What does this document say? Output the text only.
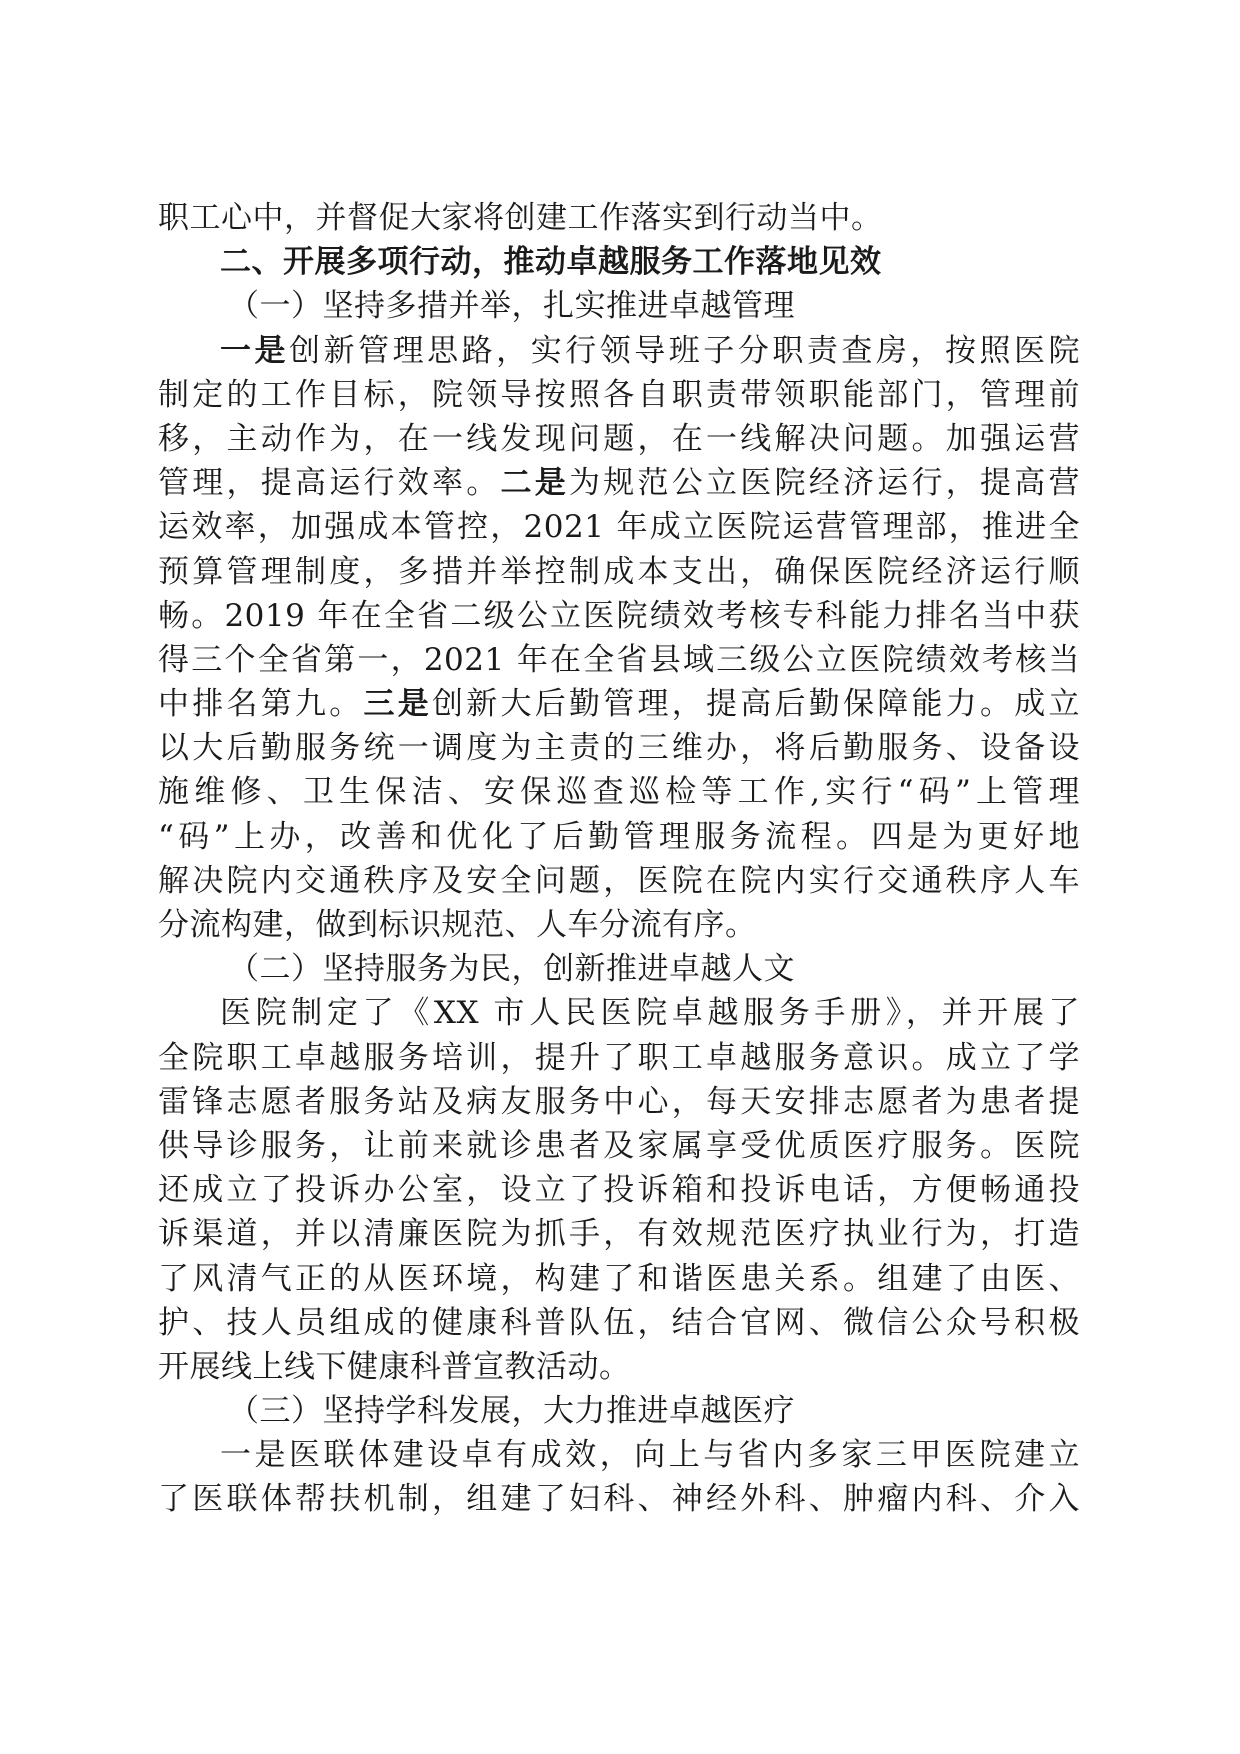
职工心中，并督促大家将创建工作落实到行动当中。
二、开展多项行动，推动卓越服务工作落地见效
（一）坚持多措并举，扎实推进卓越管理
一是创新管理思路，实行领导班子分职责查房，按照医院
制定的工作目标，院领导按照各自职责带领职能部门，管理前
移，主动作为，在一线发现问题，在一线解决问题。加强运营
管理，提高运行效率。二是为规范公立医院经济运行，提高营
运效率，加强成本管控，2021 年成立医院运营管理部，推进全
预算管理制度，多措并举控制成本支出，确保医院经济运行顺
畅。2019 年在全省二级公立医院绩效考核专科能力排名当中获
得三个全省第一，2021 年在全省县域三级公立医院绩效考核当
中排名第九。三是创新大后勤管理，提高后勤保障能力。成立
以大后勤服务统一调度为主责的三维办，将后勤服务、设备设
施维修、卫生保洁、安保巡查巡检等工作,实行“码”上管理
“码”上办，改善和优化了后勤管理服务流程。四是为更好地
解决院内交通秩序及安全问题，医院在院内实行交通秩序人车
分流构建，做到标识规范、人车分流有序。
（二）坚持服务为民，创新推进卓越人文
医院制定了《XX 市人民医院卓越服务手册》，并开展了
全院职工卓越服务培训，提升了职工卓越服务意识。成立了学
雷锋志愿者服务站及病友服务中心，每天安排志愿者为患者提
供导诊服务，让前来就诊患者及家属享受优质医疗服务。医院
还成立了投诉办公室，设立了投诉箱和投诉电话，方便畅通投
诉渠道，并以清廉医院为抓手，有效规范医疗执业行为，打造
了风清气正的从医环境，构建了和谐医患关系。组建了由医、
护、技人员组成的健康科普队伍，结合官网、微信公众号积极
开展线上线下健康科普宣教活动。
（三）坚持学科发展，大力推进卓越医疗
一是医联体建设卓有成效，向上与省内多家三甲医院建立
了医联体帮扶机制，组建了妇科、神经外科、肿瘤内科、介入
